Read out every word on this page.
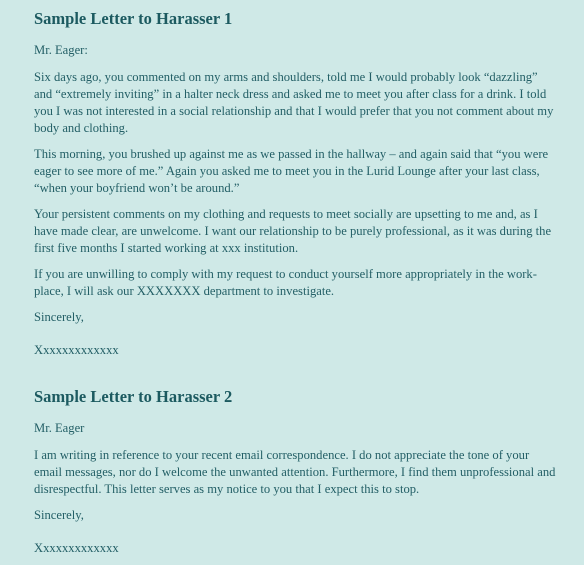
Sample Letter to Harasser 1

Mr. Eager:

Six days ago, you commented on my arms and shoulders, told me I would probably look “dazzling” and “extremely inviting” in a halter neck dress and asked me to meet you after class for a drink. I told you I was not interested in a social relationship and that I would prefer that you not comment about my body and clothing.

This morning, you brushed up against me as we passed in the hallway – and again said that “you were eager to see more of me.” Again you asked me to meet you in the Lurid Lounge after your last class, “when your boyfriend won’t be around.”

Your persistent comments on my clothing and requests to meet socially are upsetting to me and, as I have made clear, are unwelcome. I want our relationship to be purely professional, as it was during the first five months I started working at xxx institution.

If you are unwilling to comply with my request to conduct yourself more appropriately in the work-place, I will ask our XXXXXXX department to investigate.

Sincerely,

Xxxxxxxxxxxxx

Sample Letter to Harasser 2

Mr. Eager

I am writing in reference to your recent email correspondence. I do not appreciate the tone of your email messages, nor do I welcome the unwanted attention. Furthermore, I find them unprofessional and disrespectful. This letter serves as my notice to you that I expect this to stop.

Sincerely,

Xxxxxxxxxxxxx
